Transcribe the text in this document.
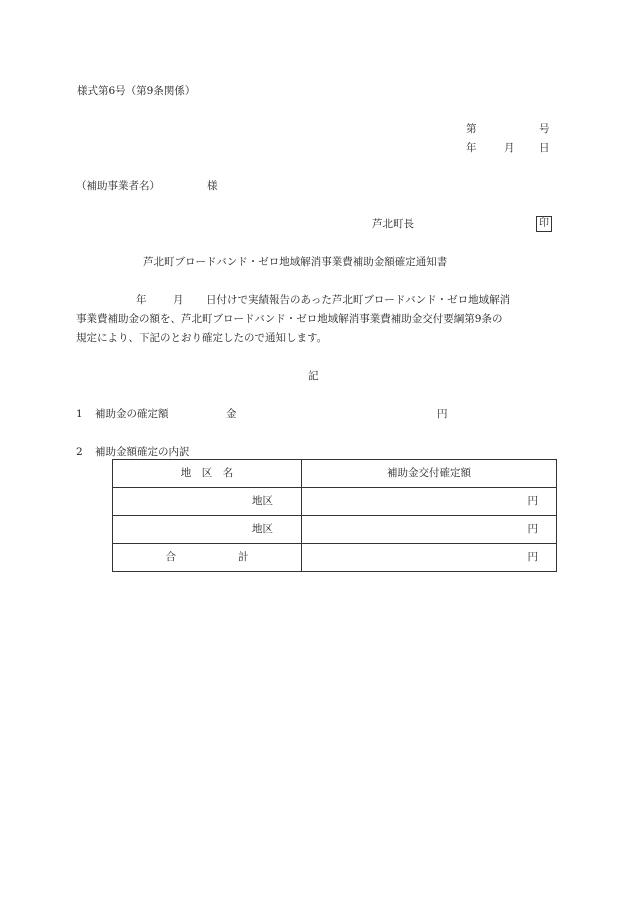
様式第6号（第9条関係）
第	号
年	月 日
（補助事業者名）	様
芦北町長	印
芦北町ブロードバンド・ゼロ地域解消事業費補助金額確定通知書
年	月 日付けで実績報告のあった芦北町ブロードバンド・ゼロ地域解消
事業費補助金の額を、芦北町ブロードバンド・ゼロ地域解消事業費補助金交付要綱第9条の
規定により、下記のとおり確定したので通知します。
記
1 補助金の確定額	金	円
2 補助金額確定の内訳
地　区　名	補助金交付確定額
地区	円
地区	円
合 計	円
